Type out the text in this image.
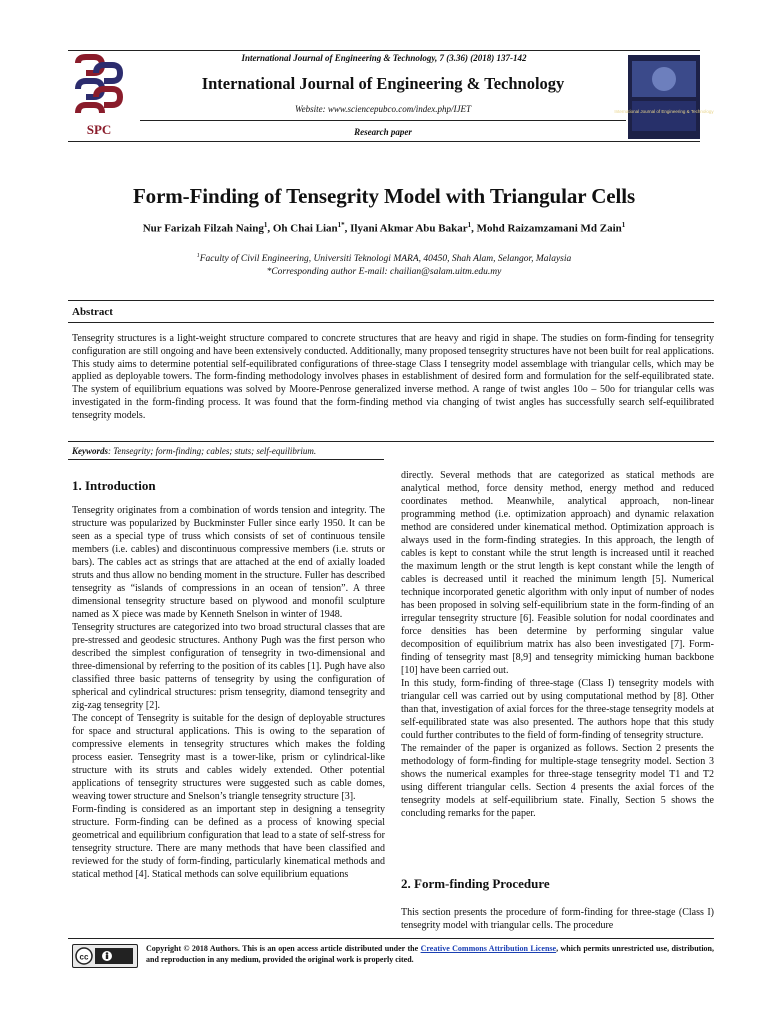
International Journal of Engineering & Technology, 7 (3.36) (2018) 137-142
SPC
International Journal of Engineering & Technology
Website: www.sciencepubco.com/index.php/IJET
Research paper
International Journal of Engineering & Technology
Form-Finding of Tensegrity Model with Triangular Cells
Nur Farizah Filzah Naing$^1$, Oh Chai Lian$^{1*}$, Ilyani Akmar Abu Bakar$^1$, Mohd Raizamzamani Md Zain$^1$
$^1$Faculty of Civil Engineering, Universiti Teknologi MARA, 40450, Shah Alam, Selangor, Malaysia
*Corresponding author E-mail: chailian@salam.uitm.edu.my
Abstract
Tensegrity structures is a light-weight structure compared to concrete structures that are heavy and rigid in shape. The studies on form-finding for tensegrity configuration are still ongoing and have been extensively conducted. Additionally, many proposed tensegrity structures have not been built for real applications. This study aims to determine potential self-equilibrated configurations of three-stage Class I tensegrity model assemblage with triangular cells, which may be applied as deployable towers. The form-finding methodology involves phases in establishment of desired form and formulation for the self-equilibrated state. The system of equilibrium equations was solved by Moore-Penrose generalized inverse method. A range of twist angles 10o – 50o for triangular cells was investigated in the form-finding process. It was found that the form-finding method via changing of twist angles has successfully search self-equilibrated tensegrity models.
Keywords: Tensegrity; form-finding; cables; stuts; self-equilibrium.
1. Introduction

Tensegrity originates from a combination of words tension and integrity. The structure was popularized by Buckminster Fuller since early 1950. It can be seen as a special type of truss which consists of set of continuous tensile members (i.e. cables) and discontinuous compressive members (i.e. struts or bars). The cables act as strings that are attached at the end of axially loaded struts and thus allow no bending moment in the structure. Fuller has described tensegrity as “islands of compressions in an ocean of tension”. A three dimensional tensegrity structure based on plywood and monofil sculpture named as X piece was made by Kenneth Snelson in winter of 1948.

Tensegrity structures are categorized into two broad structural classes that are pre-stressed and geodesic structures. Anthony Pugh was the first person who described the simplest configuration of tensegrity in two-dimensional and three-dimensional by referring to the position of its cables [1]. Pugh have also classified three basic patterns of tensegrity by using the configuration of spherical and cylindrical structures: prism tensegrity, diamond tensegrity and zig-zag tensegrity [2].

The concept of Tensegrity is suitable for the design of deployable structures for space and structural applications. This is owing to the separation of compressive elements in tensegrity structures which makes the folding process easier. Tensegrity mast is a tower-like, prism or cylindrical-like structure with its struts and cables widely extended. Other potential applications of tensegrity structures were suggested such as cable domes, weaving tower structure and Snelson’s triangle tensegrity structure [3].

Form-finding is considered as an important step in designing a tensegrity structure. Form-finding can be defined as a process of knowing special geometrical and equilibrium configuration that lead to a state of self-stress for tensegrity structure. There are many methods that have been classified and reviewed for the study of form-finding, particularly kinematical methods and statical method [4]. Statical methods can solve equilibrium equations

directly. Several methods that are categorized as statical methods are analytical method, force density method, energy method and reduced coordinates method. Meanwhile, analytical approach, non-linear programming method (i.e. optimization approach) and dynamic relaxation method are considered under kinematical method. Optimization approach is always used in the form-finding strategies. In this approach, the length of cables is kept to constant while the strut length is increased until it reached the maximum length or the strut length is kept constant while the length of cables is decreased until it reached the minimum length [5]. Numerical technique incorporated genetic algorithm with only input of number of nodes has been proposed in solving self-equilibrium state in the form-finding of an irregular tensegrity structure [6]. Feasible solution for nodal coordinates and force densities has been determine by performing singular value decomposition of equilibrium matrix has also been investigated [7]. Form-finding of tensegrity mast [8,9] and tensegrity mimicking human backbone [10] have been carried out.

In this study, form-finding of three-stage (Class I) tensegrity models with triangular cell was carried out by using computational method by [8]. Other than that, investigation of axial forces for the three-stage tensegrity models at self-equilibrated state was also presented. The authors hope that this study could further contributes to the field of form-finding of tensegrity structure.

The remainder of the paper is organized as follows. Section 2 presents the methodology of form-finding for multiple-stage tensegrity model. Section 3 shows the numerical examples for three-stage tensegrity model T1 and T2 using different triangular cells. Section 4 presents the axial forces of the tensegrity models at self-equilibrium state. Finally, Section 5 shows the concluding remarks for the paper.

2. Form-finding Procedure

This section presents the procedure of form-finding for three-stage (Class I) tensegrity model with triangular cells. The procedure

cc
Copyright © 2018 Authors. This is an open access article distributed under the Creative Commons Attribution License, which permits unrestricted use, distribution, and reproduction in any medium, provided the original work is properly cited.
